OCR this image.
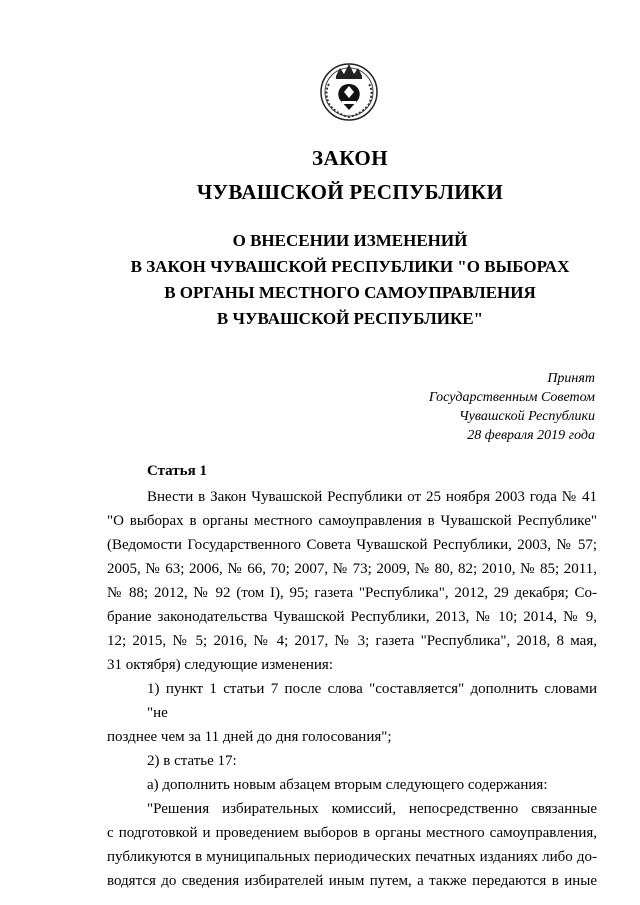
ЗАКОН
ЧУВАШСКОЙ РЕСПУБЛИКИ
О ВНЕСЕНИИ ИЗМЕНЕНИЙ
В ЗАКОН ЧУВАШСКОЙ РЕСПУБЛИКИ "О ВЫБОРАХ
В ОРГАНЫ МЕСТНОГО САМОУПРАВЛЕНИЯ
В ЧУВАШСКОЙ РЕСПУБЛИКЕ"
Принят
Государственным Советом
Чувашской Республики
28 февраля 2019 года
Статья 1
Внести в Закон Чувашской Республики от 25 ноября 2003 года № 41
"О выборах в органы местного самоуправления в Чувашской Республике"
(Ведомости Государственного Совета Чувашской Республики, 2003, № 57;
2005, № 63; 2006, № 66, 70; 2007, № 73; 2009, № 80, 82; 2010, № 85; 2011,
№ 88; 2012, № 92 (том I), 95; газета "Республика", 2012, 29 декабря; Со-
брание законодательства Чувашской Республики, 2013, № 10; 2014, № 9,
12; 2015, № 5; 2016, № 4; 2017, № 3; газета "Республика", 2018, 8 мая,
31 октября) следующие изменения:
1) пункт 1 статьи 7 после слова "составляется" дополнить словами "не
позднее чем за 11 дней до дня голосования";
2) в статье 17:
а) дополнить новым абзацем вторым следующего содержания:
"Решения избирательных комиссий, непосредственно связанные
с подготовкой и проведением выборов в органы местного самоуправления,
публикуются в муниципальных периодических печатных изданиях либо до-
водятся до сведения избирателей иным путем, а также передаются в иные
